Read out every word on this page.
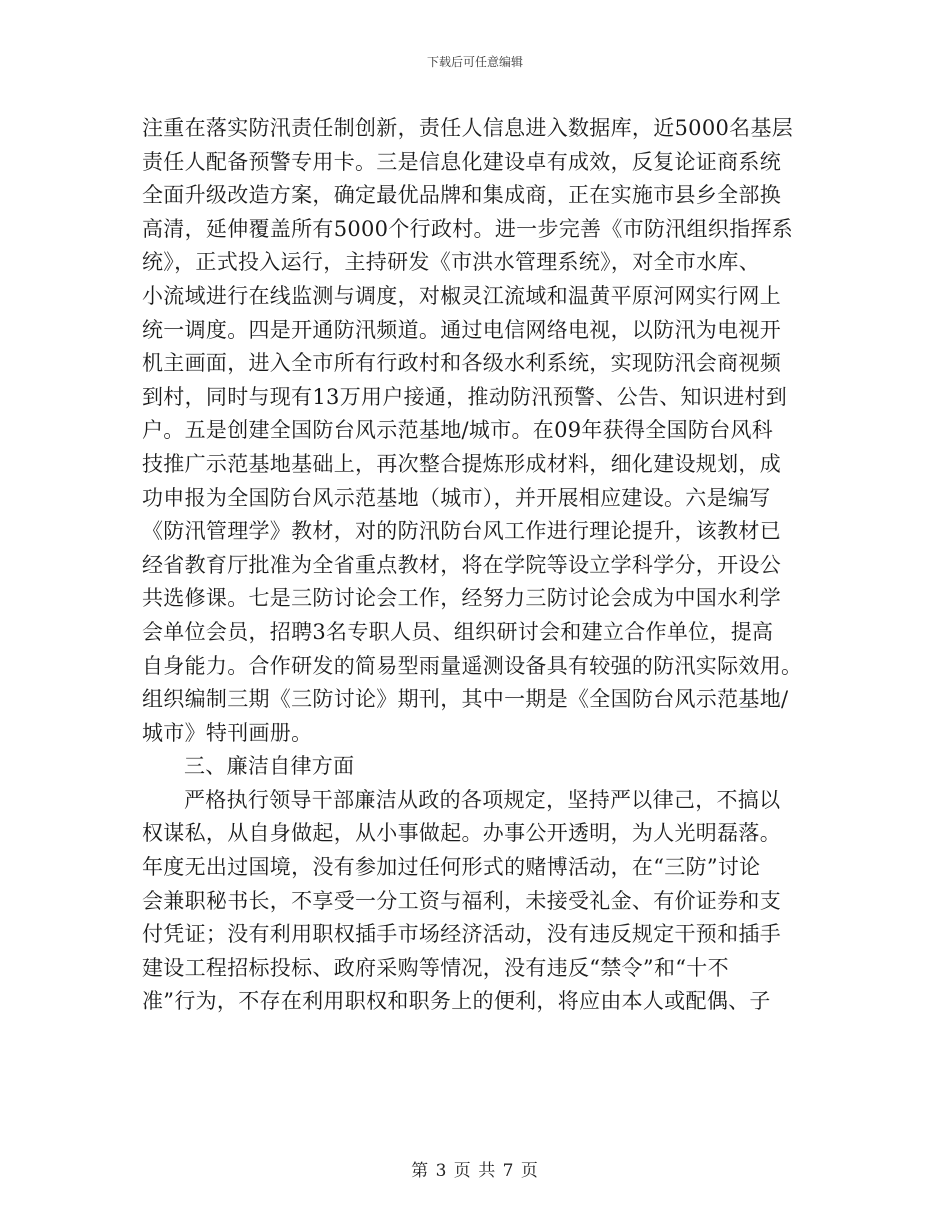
下载后可任意编辑
注重在落实防汛责任制创新，责任人信息进入数据库，近5000名基层
责任人配备预警专用卡。三是信息化建设卓有成效，反复论证商系统
全面升级改造方案，确定最优品牌和集成商，正在实施市县乡全部换
高清，延伸覆盖所有5000个行政村。进一步完善《市防汛组织指挥系
统》，正式投入运行，主持研发《市洪水管理系统》，对全市水库、
小流域进行在线监测与调度，对椒灵江流域和温黄平原河网实行网上
统一调度。四是开通防汛频道。通过电信网络电视，以防汛为电视开
机主画面，进入全市所有行政村和各级水利系统，实现防汛会商视频
到村，同时与现有13万用户接通，推动防汛预警、公告、知识进村到
户。五是创建全国防台风示范基地/城市。在09年获得全国防台风科
技推广示范基地基础上，再次整合提炼形成材料，细化建设规划，成
功申报为全国防台风示范基地（城市），并开展相应建设。六是编写
《防汛管理学》教材，对的防汛防台风工作进行理论提升，该教材已
经省教育厅批准为全省重点教材，将在学院等设立学科学分，开设公
共选修课。七是三防讨论会工作，经努力三防讨论会成为中国水利学
会单位会员，招聘3名专职人员、组织研讨会和建立合作单位，提高
自身能力。合作研发的简易型雨量遥测设备具有较强的防汛实际效用。
组织编制三期《三防讨论》期刊，其中一期是《全国防台风示范基地/
城市》特刊画册。
三、廉洁自律方面
严格执行领导干部廉洁从政的各项规定，坚持严以律己，不搞以
权谋私，从自身做起，从小事做起。办事公开透明，为人光明磊落。
年度无出过国境，没有参加过任何形式的赌博活动，在“三防”讨论
会兼职秘书长，不享受一分工资与福利，未接受礼金、有价证券和支
付凭证；没有利用职权插手市场经济活动，没有违反规定干预和插手
建设工程招标投标、政府采购等情况，没有违反“禁令”和“十不
准”行为，不存在利用职权和职务上的便利，将应由本人或配偶、子
第 3 页 共 7 页
